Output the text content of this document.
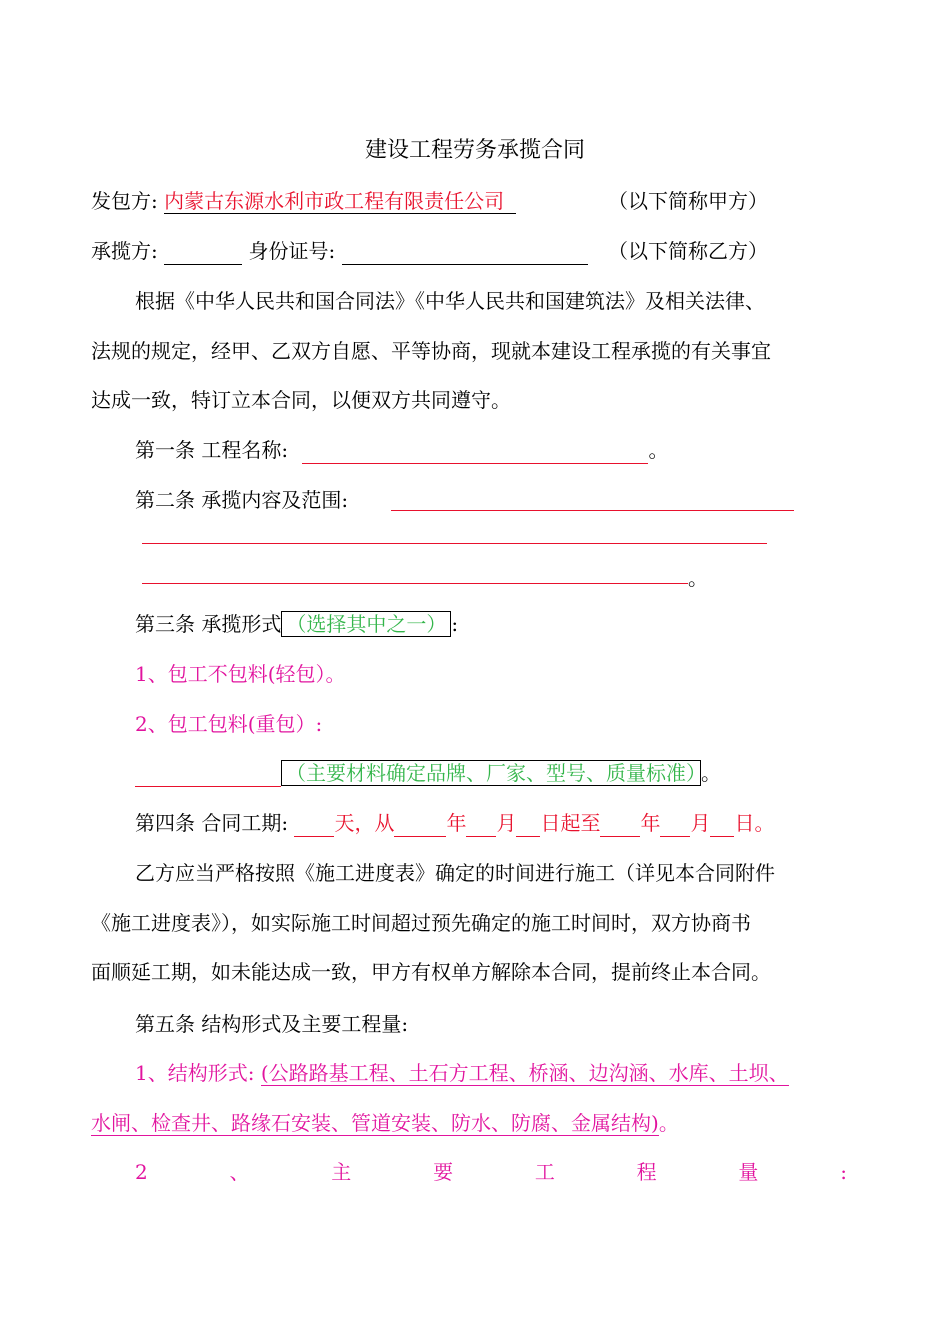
建设工程劳务承揽合同
发包方: 内蒙古东源水利市政工程有限责任公司	（以下简称甲方）
承揽方:	身份证号:	（以下简称乙方）
根据《中华人民共和国合同法》《中华人民共和国建筑法》及相关法律、
法规的规定，经甲、乙双方自愿、平等协商，现就本建设工程承揽的有关事宜
达成一致，特订立本合同，以便双方共同遵守。
第一条 工程名称:	。
第二条 承揽内容及范围:
。
第三条 承揽形式 （选择其中之一） :
1、包工不包料(轻包）。
2、包工包料(重包）:
（主要材料确定品牌、厂家、型号、质量标准） 。
第四条 合同工期: 天，从	年 月 日起至 年 月 日。
乙方应当严格按照《施工进度表》确定的时间进行施工（详见本合同附件
《施工进度表》），如实际施工时间超过预先确定的施工时间时，双方协商书
面顺延工期，如未能达成一致，甲方有权单方解除本合同，提前终止本合同。
第五条 结构形式及主要工程量:
1、结构形式: (公路路基工程、土石方工程、桥涵、边沟涵、水库、土坝、
水闸、检查井、路缘石安装、管道安装、防水、防腐、金属结构)。
2	、	主	要	工	程	量	:
